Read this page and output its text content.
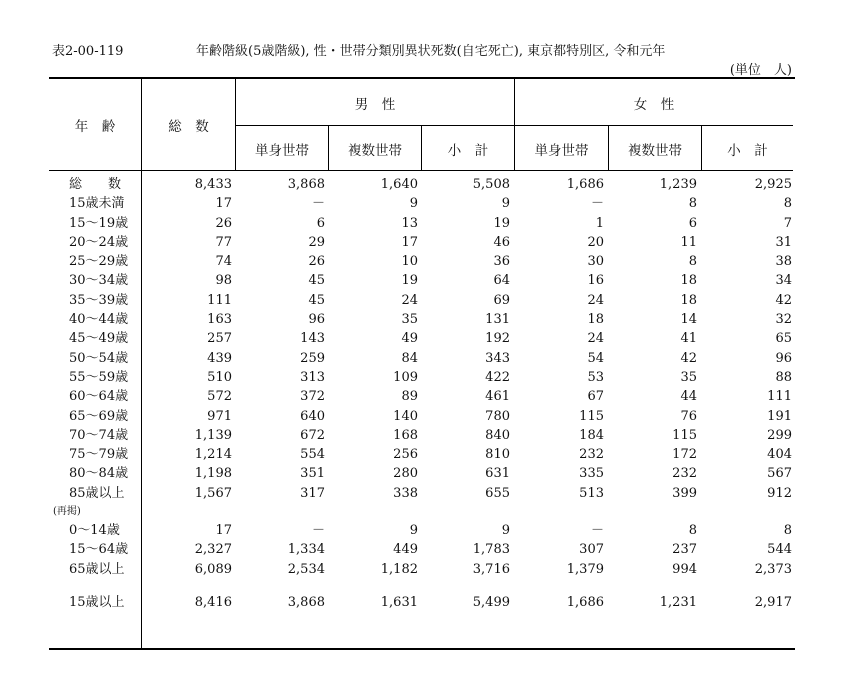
表2-00-119	年齢階級(5歳階級), 性・世帯分類別異状死数(自宅死亡), 東京都特別区, 令和元年
(単位　人)
年　齢	総　数
男　性	女　性
単身世帯	複数世帯	小　計	単身世帯	複数世帯	小　計
総　　数	8,433	3,868	1,640	5,508	1,686	1,239	2,925
15歳未満	17	－	9	9	－	8	8
15～19歳	26	6	13	19	1	6	7
20～24歳	77	29	17	46	20	11	31
25～29歳	74	26	10	36	30	8	38
30～34歳	98	45	19	64	16	18	34
35～39歳	111	45	24	69	24	18	42
40～44歳	163	96	35	131	18	14	32
45～49歳	257	143	49	192	24	41	65
50～54歳	439	259	84	343	54	42	96
55～59歳	510	313	109	422	53	35	88
60～64歳	572	372	89	461	67	44	111
65～69歳	971	640	140	780	115	76	191
70～74歳	1,139	672	168	840	184	115	299
75～79歳	1,214	554	256	810	232	172	404
80～84歳	1,198	351	280	631	335	232	567
85歳以上	1,567	317	338	655	513	399	912
(再掲)							
0～14歳	17	－	9	9	－	8	8
15～64歳	2,327	1,334	449	1,783	307	237	544
65歳以上	6,089	2,534	1,182	3,716	1,379	994	2,373

15歳以上	8,416	3,868	1,631	5,499	1,686	1,231	2,917
